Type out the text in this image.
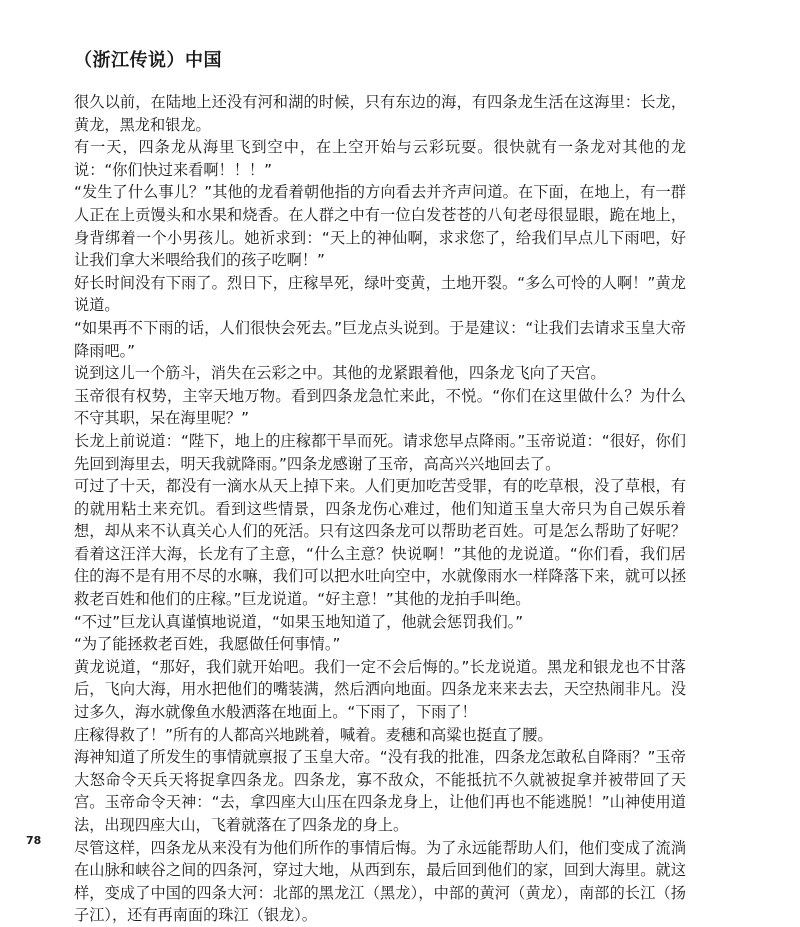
（浙江传说）中国

很久以前，在陆地上还没有河和湖的时候，只有东边的海，有四条龙生活在这海里：长龙，黄龙，黑龙和银龙。

有一天，四条龙从海里飞到空中，在上空开始与云彩玩耍。很快就有一条龙对其他的龙说：“你们快过来看啊！！！”

“发生了什么事儿？”其他的龙看着朝他指的方向看去并齐声问道。在下面，在地上，有一群人正在上贡馒头和水果和烧香。在人群之中有一位白发苍苍的八旬老母很显眼，跪在地上，身背绑着一个小男孩儿。她祈求到：“天上的神仙啊，求求您了，给我们早点儿下雨吧，好让我们拿大米喂给我们的孩子吃啊！”

好长时间没有下雨了。烈日下，庄稼旱死，绿叶变黄，土地开裂。“多么可怜的人啊！”黄龙说道。

“如果再不下雨的话，人们很快会死去。”巨龙点头说到。于是建议：“让我们去请求玉皇大帝降雨吧。”

说到这儿一个筋斗，消失在云彩之中。其他的龙紧跟着他，四条龙飞向了天宫。

玉帝很有权势，主宰天地万物。看到四条龙急忙来此，不悦。“你们在这里做什么？为什么不守其职，呆在海里呢？”

长龙上前说道：“陛下，地上的庄稼都干旱而死。请求您早点降雨。”玉帝说道：“很好，你们先回到海里去，明天我就降雨。”四条龙感谢了玉帝，高高兴兴地回去了。

可过了十天，都没有一滴水从天上掉下来。人们更加吃苦受罪，有的吃草根，没了草根，有的就用粘土来充饥。看到这些情景，四条龙伤心难过，他们知道玉皇大帝只为自己娱乐着想，却从来不认真关心人们的死活。只有这四条龙可以帮助老百姓。可是怎么帮助了好呢？看着这汪洋大海，长龙有了主意，“什么主意？快说啊！”其他的龙说道。“你们看，我们居住的海不是有用不尽的水嘛，我们可以把水吐向空中，水就像雨水一样降落下来，就可以拯救老百姓和他们的庄稼。”巨龙说道。“好主意！”其他的龙拍手叫绝。

“不过”巨龙认真谨慎地说道，“如果玉地知道了，他就会惩罚我们。”

“为了能拯救老百姓，我愿做任何事情。”

黄龙说道，“那好，我们就开始吧。我们一定不会后悔的。”长龙说道。黑龙和银龙也不甘落后，飞向大海，用水把他们的嘴装满，然后洒向地面。四条龙来来去去，天空热闹非凡。没过多久，海水就像鱼水般洒落在地面上。“下雨了，下雨了！

庄稼得救了！”所有的人都高兴地跳着，喊着。麦穗和高粱也挺直了腰。

海神知道了所发生的事情就禀报了玉皇大帝。“没有我的批准，四条龙怎敢私自降雨？”玉帝大怒命令天兵天将捉拿四条龙。四条龙，寡不敌众，不能抵抗不久就被捉拿并被带回了天宫。玉帝命令天神：“去，拿四座大山压在四条龙身上，让他们再也不能逃脱！”山神使用道法，出现四座大山，飞着就落在了四条龙的身上。

尽管这样，四条龙从来没有为他们所作的事情后悔。为了永远能帮助人们，他们变成了流淌在山脉和峡谷之间的四条河，穿过大地，从西到东，最后回到他们的家，回到大海里。就这样，变成了中国的四条大河：北部的黑龙江（黑龙），中部的黄河（黄龙），南部的长江（扬子江），还有再南面的珠江（银龙）。

78
